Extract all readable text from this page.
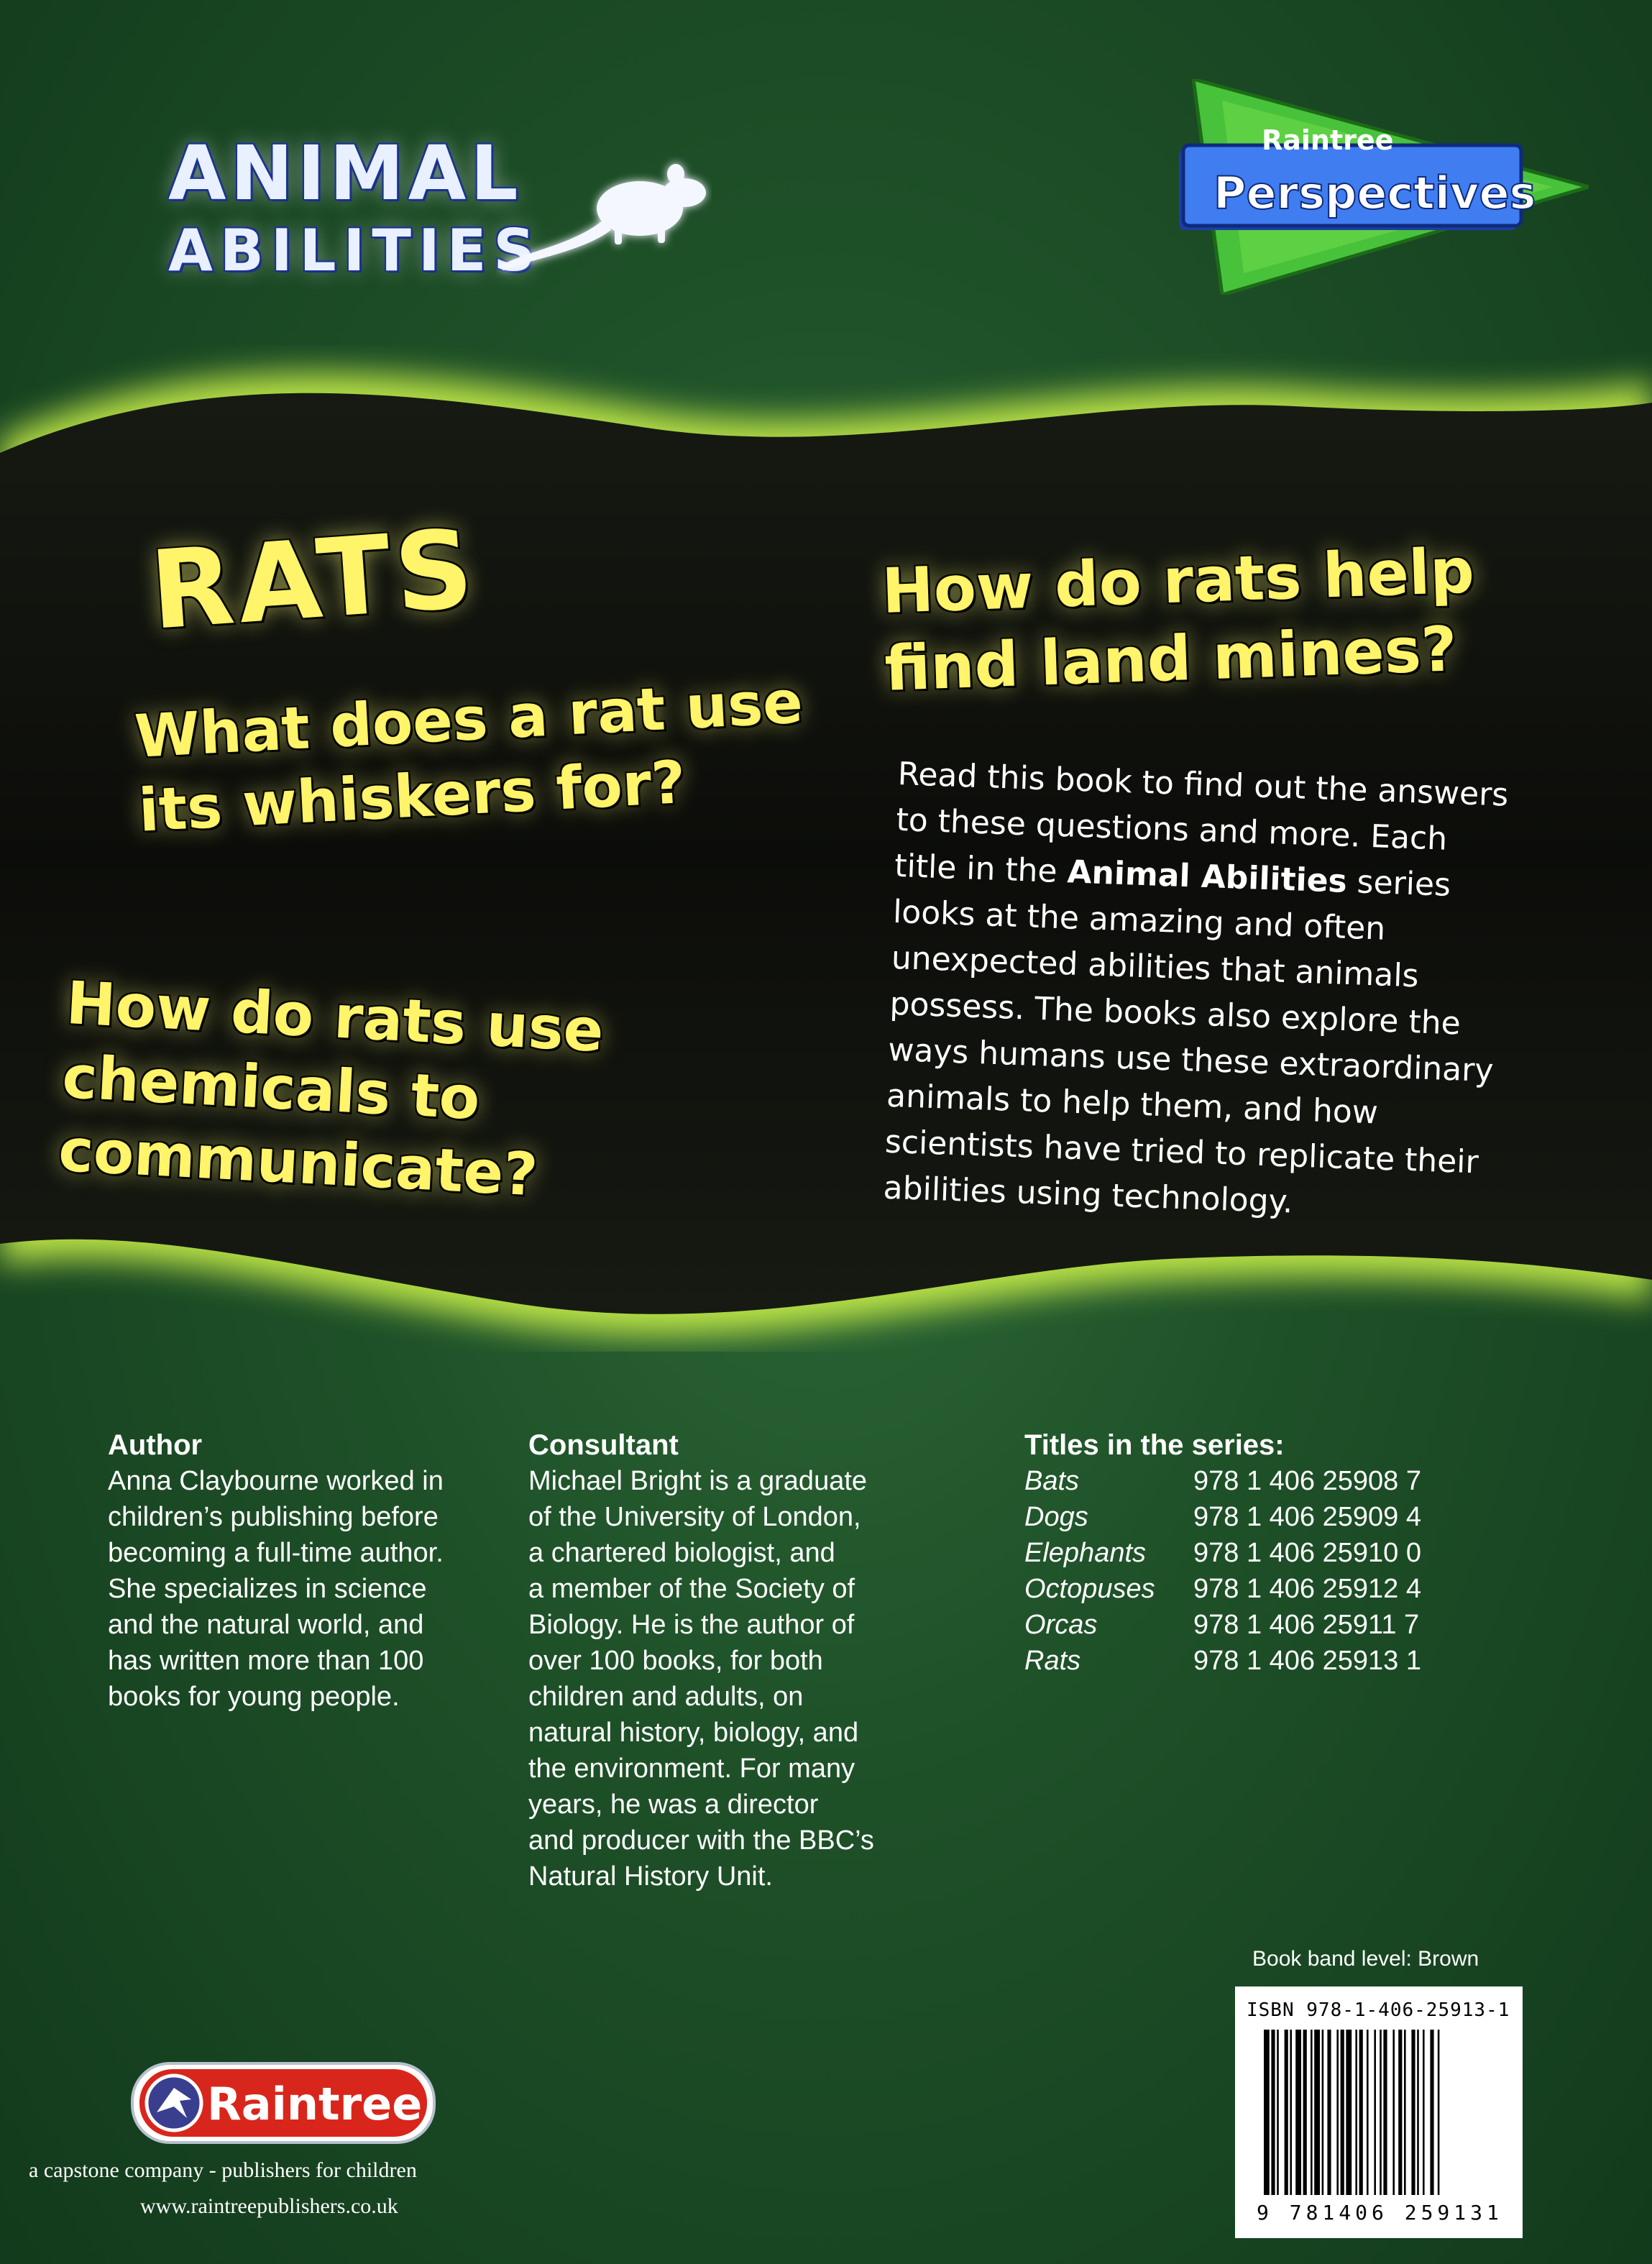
ANIMAL
ABILITIES
Raintree
Perspectives
RATS
What does a rat use its whiskers for?
How do rats use chemicals to communicate?
How do rats help find land mines?
Read this book to find out the answers to these questions and more. Each title in the Animal Abilities series looks at the amazing and often unexpected abilities that animals possess. The books also explore the ways humans use these extraordinary animals to help them, and how scientists have tried to replicate their abilities using technology.
Author
Anna Claybourne worked in
children’s publishing before
becoming a full-time author.
She specializes in science
and the natural world, and
has written more than 100
books for young people.
Consultant
Michael Bright is a graduate
of the University of London,
a chartered biologist, and
a member of the Society of
Biology. He is the author of
over 100 books, for both
children and adults, on
natural history, biology, and
the environment. For many
years, he was a director
and producer with the BBC’s
Natural History Unit.
Titles in the series:
Bats	978 1 406 25908 7
Dogs	978 1 406 25909 4
Elephants	978 1 406 25910 0
Octopuses	978 1 406 25912 4
Orcas	978 1 406 25911 7
Rats	978 1 406 25913 1
Book band level: Brown
ISBN 978-1-406-25913-1
9 781406 259131
Raintree
a capstone company - publishers for children
www.raintreepublishers.co.uk
